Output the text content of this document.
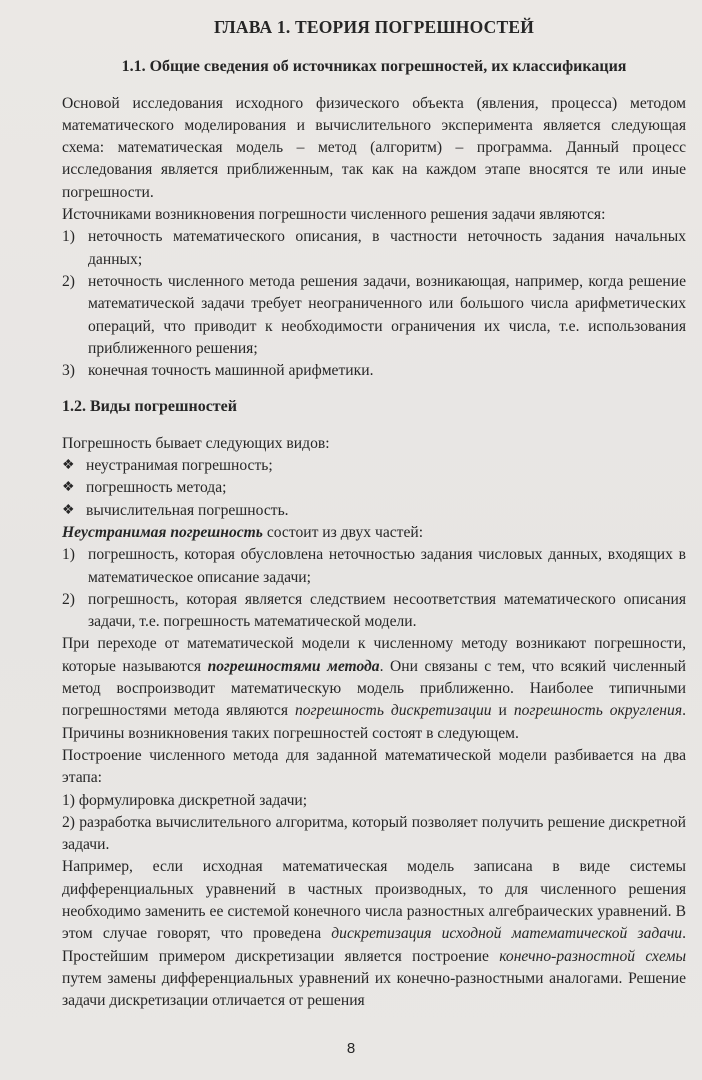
ГЛАВА 1. ТЕОРИЯ ПОГРЕШНОСТЕЙ
1.1. Общие сведения об источниках погрешностей, их классификация

Основой исследования исходного физического объекта (явления, процесса) методом математического моделирования и вычислительного эксперимента является следующая схема: математическая модель – метод (алгоритм) – программа. Данный процесс исследования является приближенным, так как на каждом этапе вносятся те или иные погрешности.

Источниками возникновения погрешности численного решения задачи являются:

1) неточность математического описания, в частности неточность задания начальных данных;
2) неточность численного метода решения задачи, возникающая, например, когда решение математической задачи требует неограниченного или большого числа арифметических операций, что приводит к необходимости ограничения их числа, т.е. использования приближенного решения;
3) конечная точность машинной арифметики.
1.2. Виды погрешностей

Погрешность бывает следующих видов:

❖ неустранимая погрешность;
❖ погрешность метода;
❖ вычислительная погрешность.

Неустранимая погрешность состоит из двух частей:

1) погрешность, которая обусловлена неточностью задания числовых данных, входящих в математическое описание задачи;
2) погрешность, которая является следствием несоответствия математического описания задачи, т.е. погрешность математической модели.

При переходе от математической модели к численному методу возникают погрешности, которые называются погрешностями метода. Они связаны с тем, что всякий численный метод воспроизводит математическую модель приближенно. Наиболее типичными погрешностями метода являются погрешность дискретизации и погрешность округления. Причины возникновения таких погрешностей состоят в следующем.

Построение численного метода для заданной математической модели разбивается на два этапа:

1) формулировка дискретной задачи;

2) разработка вычислительного алгоритма, который позволяет получить решение дискретной задачи.

Например, если исходная математическая модель записана в виде системы дифференциальных уравнений в частных производных, то для численного решения необходимо заменить ее системой конечного числа разностных алгебраических уравнений. В этом случае говорят, что проведена дискретизация исходной математической задачи. Простейшим примером дискретизации является построение конечно-разностной схемы путем замены дифференциальных уравнений их конечно-разностными аналогами. Решение задачи дискретизации отличается от решения

8
